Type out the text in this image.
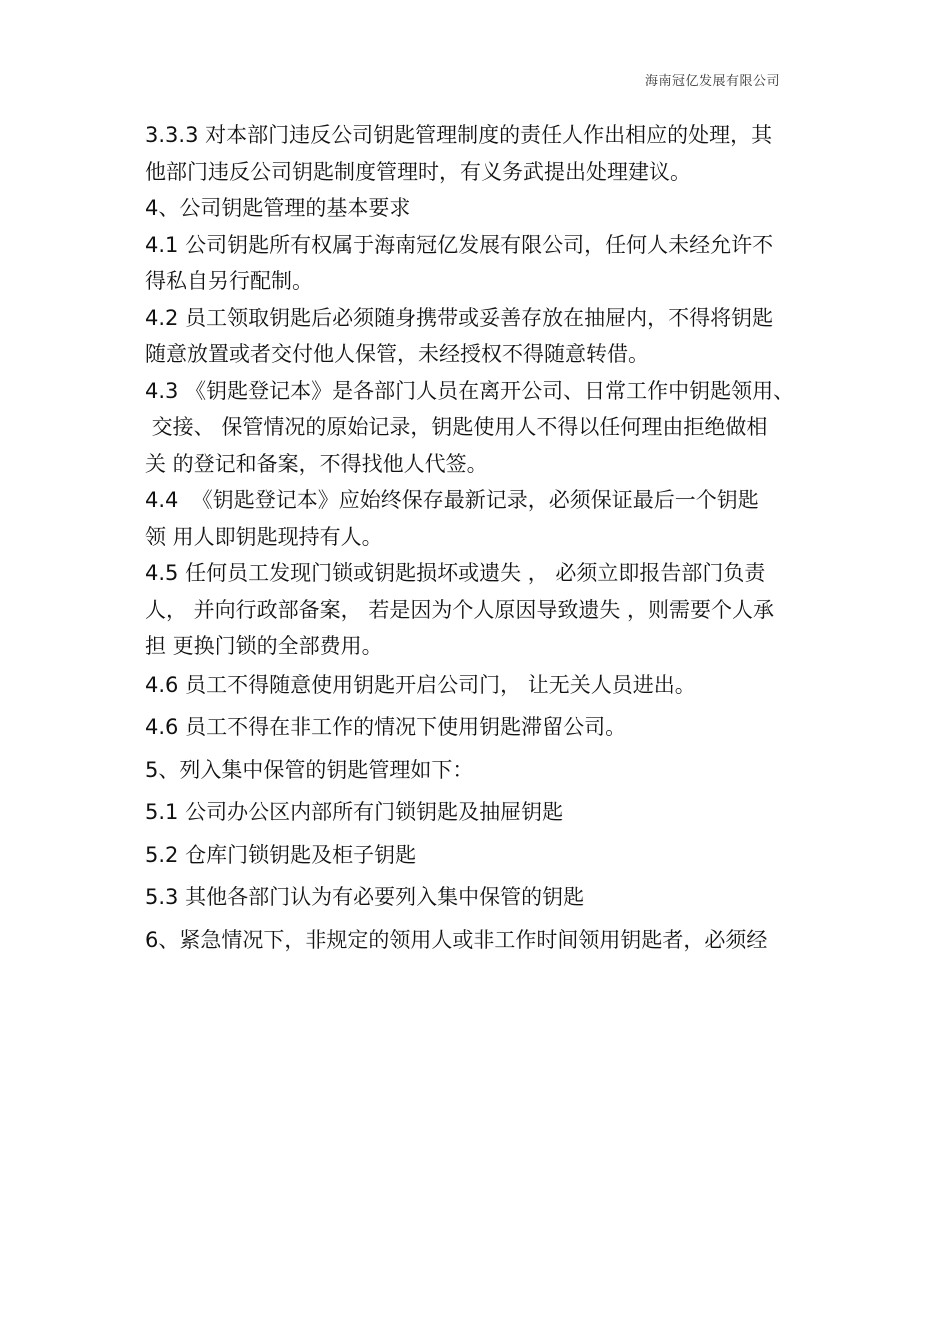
海南冠亿发展有限公司
3.3.3 对本部门违反公司钥匙管理制度的责任人作出相应的处理，其
他部门违反公司钥匙制度管理时，有义务武提出处理建议。
4、公司钥匙管理的基本要求
4.1 公司钥匙所有权属于海南冠亿发展有限公司，任何人未经允许不
得私自另行配制。
4.2 员工领取钥匙后必须随身携带或妥善存放在抽屉内，不得将钥匙
随意放置或者交付他人保管，未经授权不得随意转借。
4.3 《钥匙登记本》是各部门人员在离开公司、日常工作中钥匙领用、
交接、 保管情况的原始记录，钥匙使用人不得以任何理由拒绝做相
关 的登记和备案，不得找他人代签。
4.4  《钥匙登记本》应始终保存最新记录，必须保证最后一个钥匙
领 用人即钥匙现持有人。
4.5 任何员工发现门锁或钥匙损坏或遗失 ， 必须立即报告部门负责
人， 并向行政部备案， 若是因为个人原因导致遗失 ，则需要个人承
担 更换门锁的全部费用。
4.6 员工不得随意使用钥匙开启公司门， 让无关人员进出。
4.6 员工不得在非工作的情况下使用钥匙滞留公司。
5、列入集中保管的钥匙管理如下：
5.1 公司办公区内部所有门锁钥匙及抽屉钥匙
5.2 仓库门锁钥匙及柜子钥匙
5.3 其他各部门认为有必要列入集中保管的钥匙
6、紧急情况下，非规定的领用人或非工作时间领用钥匙者，必须经
